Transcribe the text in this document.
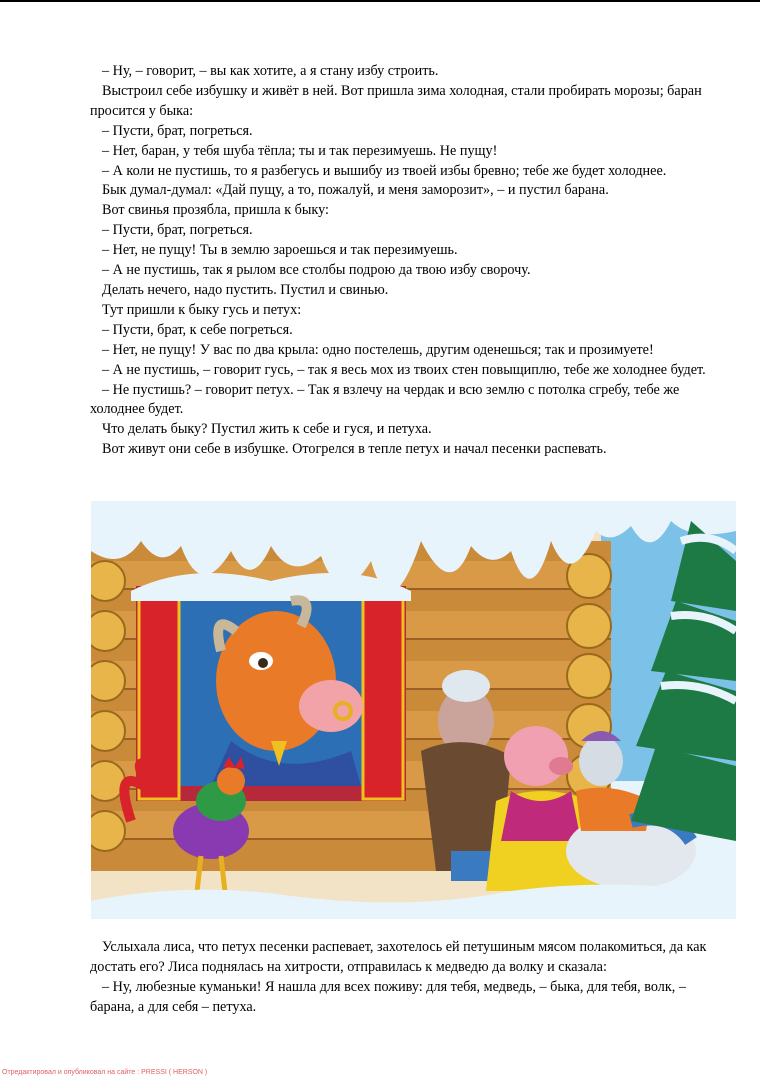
– Ну, – говорит, – вы как хотите, а я стану избу строить.

Выстроил себе избушку и живёт в ней. Вот пришла зима холодная, стали пробирать морозы; баран просится у быка:

– Пусти, брат, погреться.

– Нет, баран, у тебя шуба тёпла; ты и так перезимуешь. Не пущу!

– А коли не пустишь, то я разбегусь и вышибу из твоей избы бревно; тебе же будет холоднее.

Бык думал-думал: «Дай пущу, а то, пожалуй, и меня заморозит», – и пустил барана.

Вот свинья прозябла, пришла к быку:

– Пусти, брат, погреться.

– Нет, не пущу! Ты в землю зароешься и так перезимуешь.

– А не пустишь, так я рылом все столбы подрою да твою избу сворочу.

Делать нечего, надо пустить. Пустил и свинью.

Тут пришли к быку гусь и петух:

– Пусти, брат, к себе погреться.

– Нет, не пущу! У вас по два крыла: одно постелешь, другим оденешься; так и прозимуете!

– А не пустишь, – говорит гусь, – так я весь мох из твоих стен повыщиплю, тебе же холоднее будет.

– Не пустишь? – говорит петух. – Так я взлечу на чердак и всю землю с потолка сгребу, тебе же холоднее будет.

Что делать быку? Пустил жить к себе и гуся, и петуха.

Вот живут они себе в избушке. Отогрелся в тепле петух и начал песенки распевать.

Услыхала лиса, что петух песенки распевает, захотелось ей петушиным мясом полакомиться, да как достать его? Лиса поднялась на хитрости, отправилась к медведю да волку и сказала:

– Ну, любезные куманьки! Я нашла для всех поживу: для тебя, медведь, – быка, для тебя, волк, – барана, а для себя – петуха.

Отредактировал и опубликовал на сайте : PRESSI ( HERSON )
